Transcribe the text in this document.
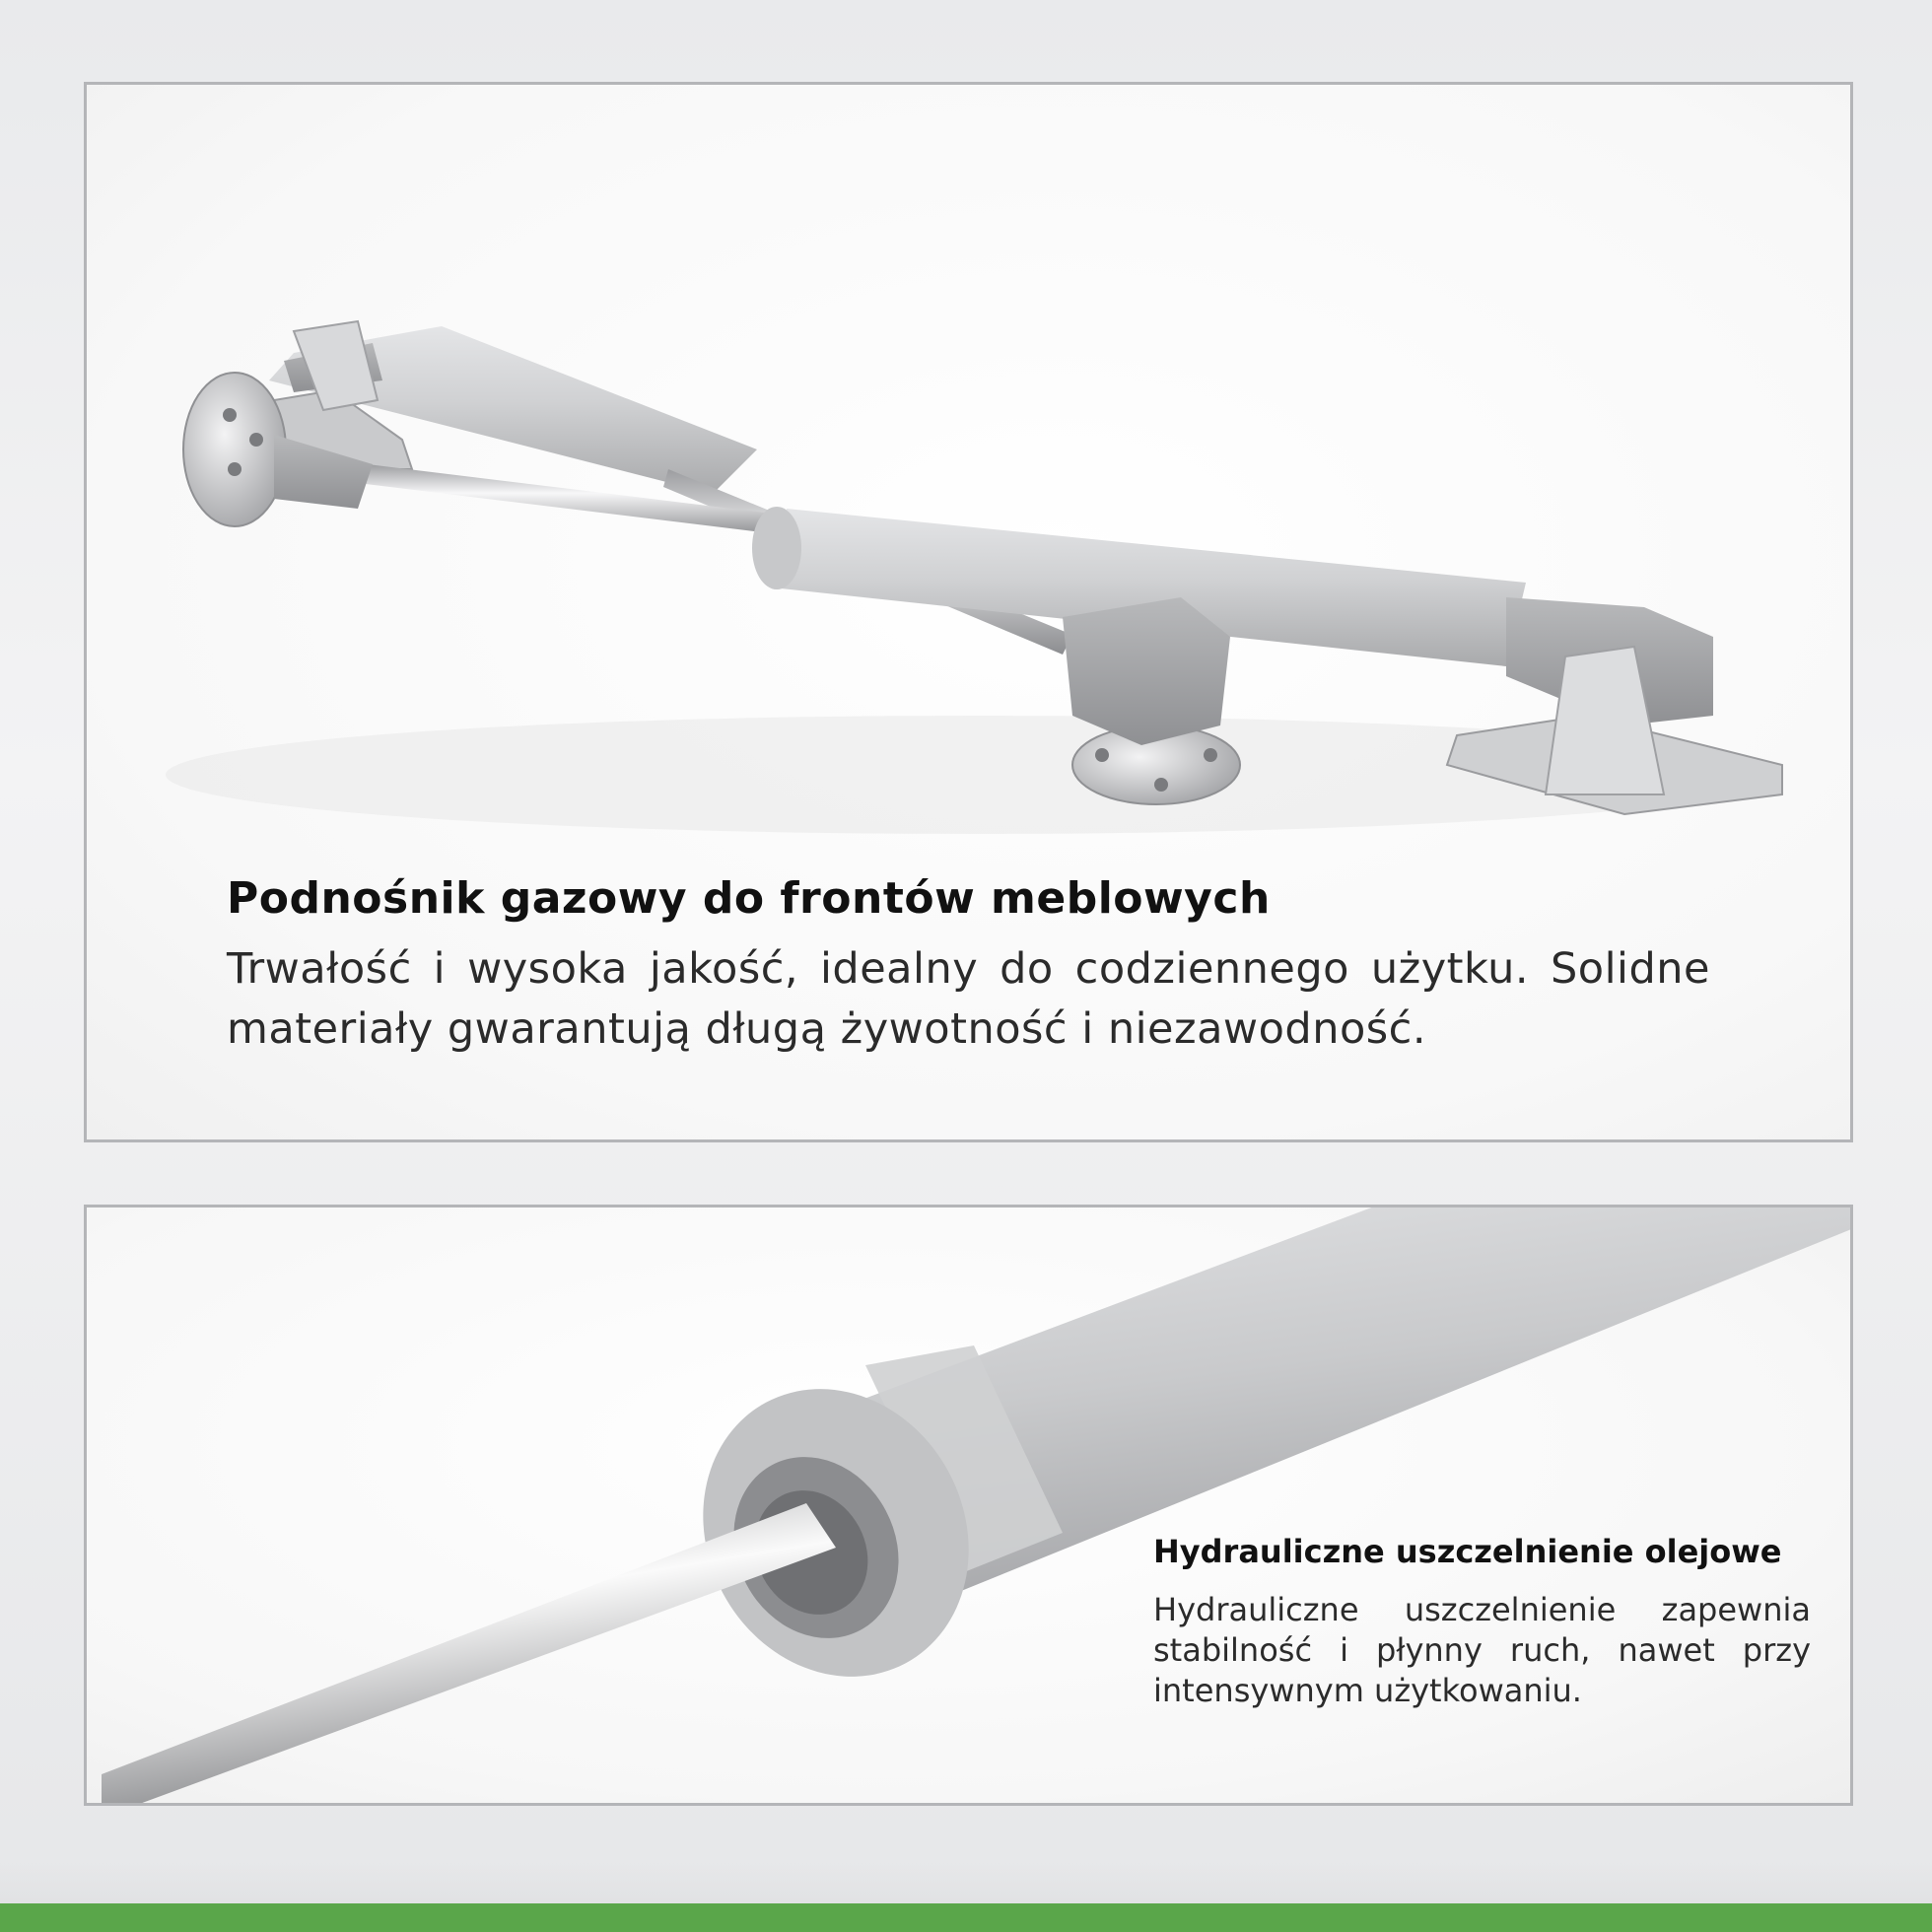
Podnośnik gazowy do frontów meblowych

Trwałość i wysoka jakość, idealny do codziennego użytku. Solidne materiały gwarantują długą żywotność i niezawodność.

Hydrauliczne uszczelnienie olejowe

Hydrauliczne uszczelnienie zapewnia stabilność i płynny ruch, nawet przy intensywnym użytkowaniu.
